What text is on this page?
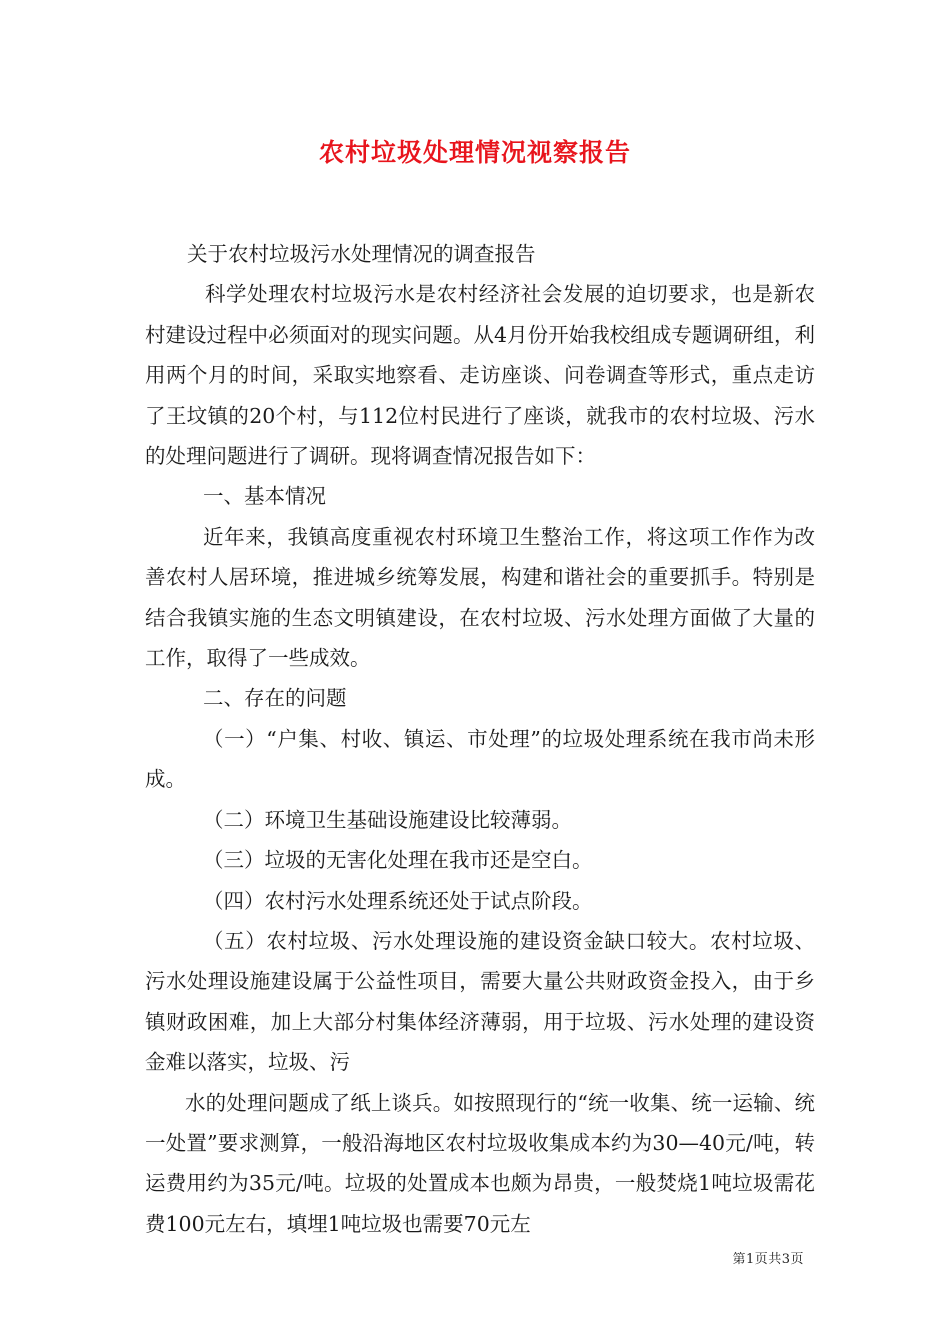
农村垃圾处理情况视察报告

关于农村垃圾污水处理情况的调查报告

科学处理农村垃圾污水是农村经济社会发展的迫切要求，也是新农村建设过程中必须面对的现实问题。从4月份开始我校组成专题调研组，利用两个月的时间，采取实地察看、走访座谈、问卷调查等形式，重点走访了王坟镇的20个村，与112位村民进行了座谈，就我市的农村垃圾、污水的处理问题进行了调研。现将调查情况报告如下：

一、基本情况

近年来，我镇高度重视农村环境卫生整治工作，将这项工作作为改善农村人居环境，推进城乡统筹发展，构建和谐社会的重要抓手。特别是结合我镇实施的生态文明镇建设，在农村垃圾、污水处理方面做了大量的工作，取得了一些成效。

二、存在的问题

（一）“户集、村收、镇运、市处理”的垃圾处理系统在我市尚未形成。

（二）环境卫生基础设施建设比较薄弱。

（三）垃圾的无害化处理在我市还是空白。

（四）农村污水处理系统还处于试点阶段。

（五）农村垃圾、污水处理设施的建设资金缺口较大。农村垃圾、污水处理设施建设属于公益性项目，需要大量公共财政资金投入，由于乡镇财政困难，加上大部分村集体经济薄弱，用于垃圾、污水处理的建设资金难以落实，垃圾、污

水的处理问题成了纸上谈兵。如按照现行的“统一收集、统一运输、统一处置”要求测算，一般沿海地区农村垃圾收集成本约为30—40元/吨，转运费用约为35元/吨。垃圾的处置成本也颇为昂贵，一般焚烧1吨垃圾需花费100元左右，填埋1吨垃圾也需要70元左

第1页共3页
